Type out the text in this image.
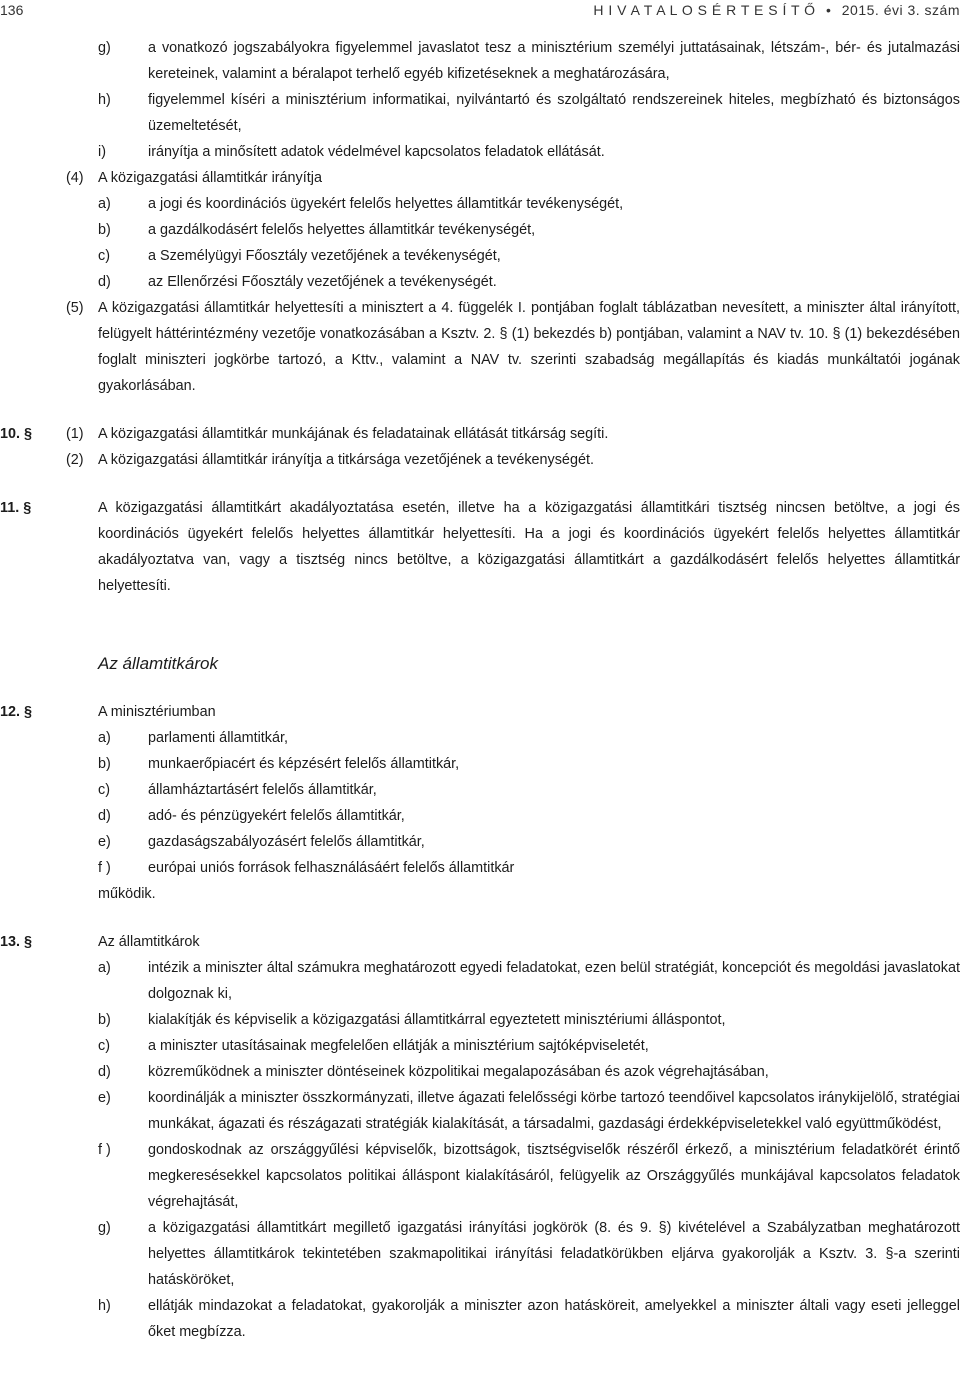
136	H I V A T A L O S É R T E S Í T Ő • 2015. évi 3. szám
g)	a vonatkozó jogszabályokra figyelemmel javaslatot tesz a minisztérium személyi juttatásainak, létszám-, bér- és jutalmazási kereteinek, valamint a béralapot terhelő egyéb kifizetéseknek a meghatározására,
h)	figyelemmel kíséri a minisztérium informatikai, nyilvántartó és szolgáltató rendszereinek hiteles, megbízható és biztonságos üzemeltetését,
i)	irányítja a minősített adatok védelmével kapcsolatos feladatok ellátását.
(4) A közigazgatási államtitkár irányítja
a)	a jogi és koordinációs ügyekért felelős helyettes államtitkár tevékenységét,
b)	a gazdálkodásért felelős helyettes államtitkár tevékenységét,
c)	a Személyügyi Főosztály vezetőjének a tevékenységét,
d)	az Ellenőrzési Főosztály vezetőjének a tevékenységét.
(5) A közigazgatási államtitkár helyettesíti a minisztert a 4. függelék I. pontjában foglalt táblázatban nevesített, a miniszter által irányított, felügyelt háttérintézmény vezetője vonatkozásában a Ksztv. 2. § (1) bekezdés b) pontjában, valamint a NAV tv. 10. § (1) bekezdésében foglalt miniszteri jogkörbe tartozó, a Kttv., valamint a NAV tv. szerinti szabadság megállapítás és kiadás munkáltatói jogának gyakorlásában.
10. § (1) A közigazgatási államtitkár munkájának és feladatainak ellátását titkárság segíti.
(2) A közigazgatási államtitkár irányítja a titkársága vezetőjének a tevékenységét.
11. §	A közigazgatási államtitkárt akadályoztatása esetén, illetve ha a közigazgatási államtitkári tisztség nincsen betöltve, a jogi és koordinációs ügyekért felelős helyettes államtitkár helyettesíti. Ha a jogi és koordinációs ügyekért felelős helyettes államtitkár akadályoztatva van, vagy a tisztség nincs betöltve, a közigazgatási államtitkárt a gazdálkodásért felelős helyettes államtitkár helyettesíti.
Az államtitkárok
12. §	A minisztériumban
a)	parlamenti államtitkár,
b)	munkaerőpiacért és képzésért felelős államtitkár,
c)	államháztartásért felelős államtitkár,
d)	adó- és pénzügyekért felelős államtitkár,
e)	gazdaságszabályozásért felelős államtitkár,
f )	európai uniós források felhasználásáért felelős államtitkár
működik.
13. §	Az államtitkárok
a)	intézik a miniszter által számukra meghatározott egyedi feladatokat, ezen belül stratégiát, koncepciót és megoldási javaslatokat dolgoznak ki,
b)	kialakítják és képviselik a közigazgatási államtitkárral egyeztetett minisztériumi álláspontot,
c)	a miniszter utasításainak megfelelően ellátják a minisztérium sajtóképviseletét,
d)	közreműködnek a miniszter döntéseinek közpolitikai megalapozásában és azok végrehajtásában,
e)	koordinálják a miniszter összkormányzati, illetve ágazati felelősségi körbe tartozó teendőivel kapcsolatos iránykijelölő, stratégiai munkákat, ágazati és részágazati stratégiák kialakítását, a társadalmi, gazdasági érdekképviseletekkel való együttműködést,
f )	gondoskodnak az országgyűlési képviselők, bizottságok, tisztségviselők részéről érkező, a minisztérium feladatkörét érintő megkeresésekkel kapcsolatos politikai álláspont kialakításáról, felügyelik az Országgyűlés munkájával kapcsolatos feladatok végrehajtását,
g)	a közigazgatási államtitkárt megillető igazgatási irányítási jogkörök (8. és 9. §) kivételével a Szabályzatban meghatározott helyettes államtitkárok tekintetében szakmapolitikai irányítási feladatkörükben eljárva gyakorolják a Ksztv. 3. §-a szerinti hatásköröket,
h)	ellátják mindazokat a feladatokat, gyakorolják a miniszter azon hatásköreit, amelyekkel a miniszter általi vagy eseti jelleggel őket megbízza.
